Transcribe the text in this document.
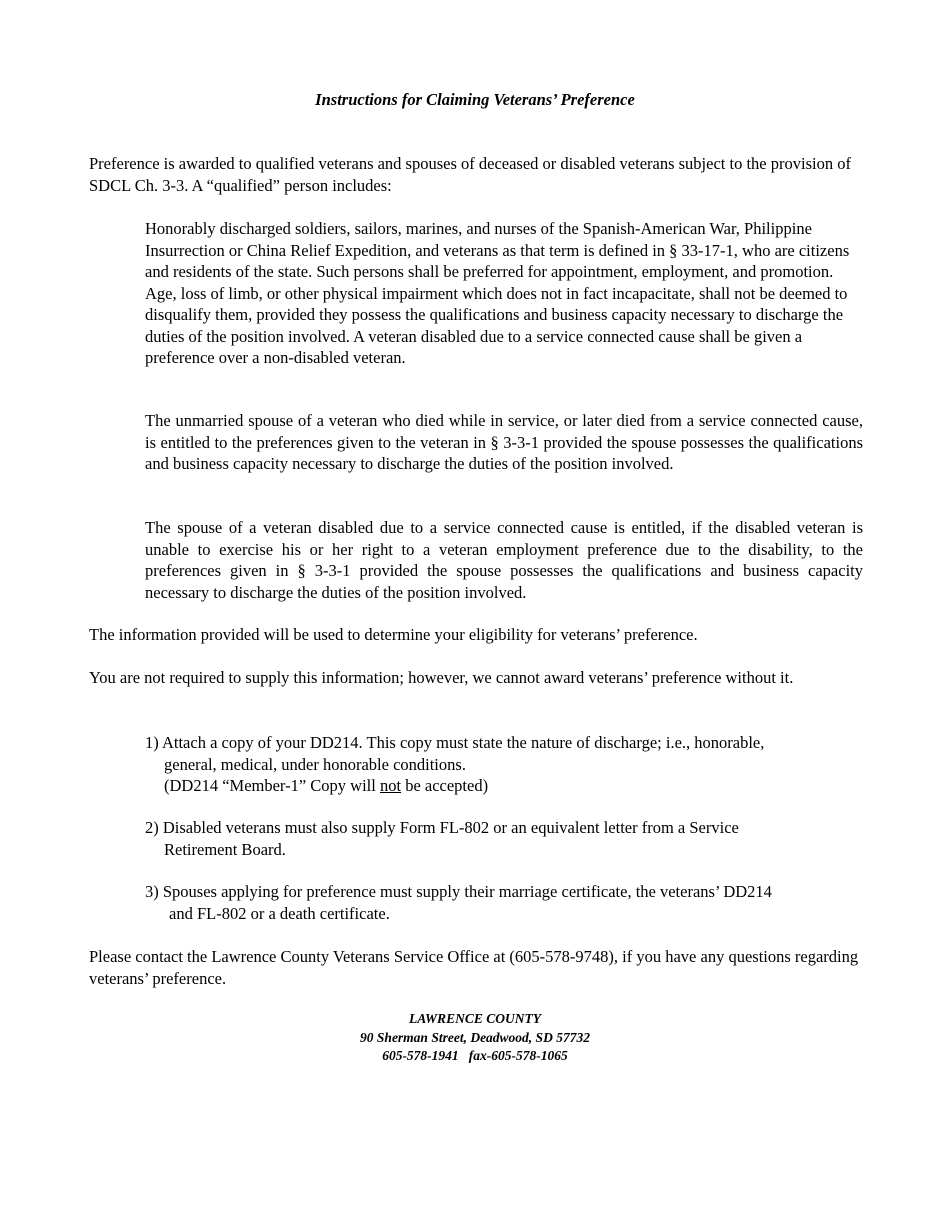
Instructions for Claiming Veterans’ Preference

Preference is awarded to qualified veterans and spouses of deceased or disabled veterans subject to the provision of SDCL Ch. 3-3. A “qualified” person includes:

Honorably discharged soldiers, sailors, marines, and nurses of the Spanish-American War, Philippine Insurrection or China Relief Expedition, and veterans as that term is defined in § 33-17-1, who are citizens and residents of the state. Such persons shall be preferred for appointment, employment, and promotion. Age, loss of limb, or other physical impairment which does not in fact incapacitate, shall not be deemed to disqualify them, provided they possess the qualifications and business capacity necessary to discharge the duties of the position involved. A veteran disabled due to a service connected cause shall be given a preference over a non-disabled veteran.

The unmarried spouse of a veteran who died while in service, or later died from a service connected cause, is entitled to the preferences given to the veteran in § 3-3-1 provided the spouse possesses the qualifications and business capacity necessary to discharge the duties of the position involved.

The spouse of a veteran disabled due to a service connected cause is entitled, if the disabled veteran is unable to exercise his or her right to a veteran employment preference due to the disability, to the preferences given in § 3-3-1 provided the spouse possesses the qualifications and business capacity necessary to discharge the duties of the position involved.

The information provided will be used to determine your eligibility for veterans’ preference.

You are not required to supply this information; however, we cannot award veterans’ preference without it.

1) Attach a copy of your DD214. This copy must state the nature of discharge; i.e., honorable,
general, medical, under honorable conditions.
(DD214 “Member-1” Copy will not be accepted)
2) Disabled veterans must also supply Form FL-802 or an equivalent letter from a Service
Retirement Board.
3) Spouses applying for preference must supply their marriage certificate, the veterans’ DD214
and FL-802 or a death certificate.

Please contact the Lawrence County Veterans Service Office at (605-578-9748), if you have any questions regarding veterans’ preference.

LAWRENCE COUNTY
90 Sherman Street, Deadwood, SD 57732
605-578-1941   fax-605-578-1065
